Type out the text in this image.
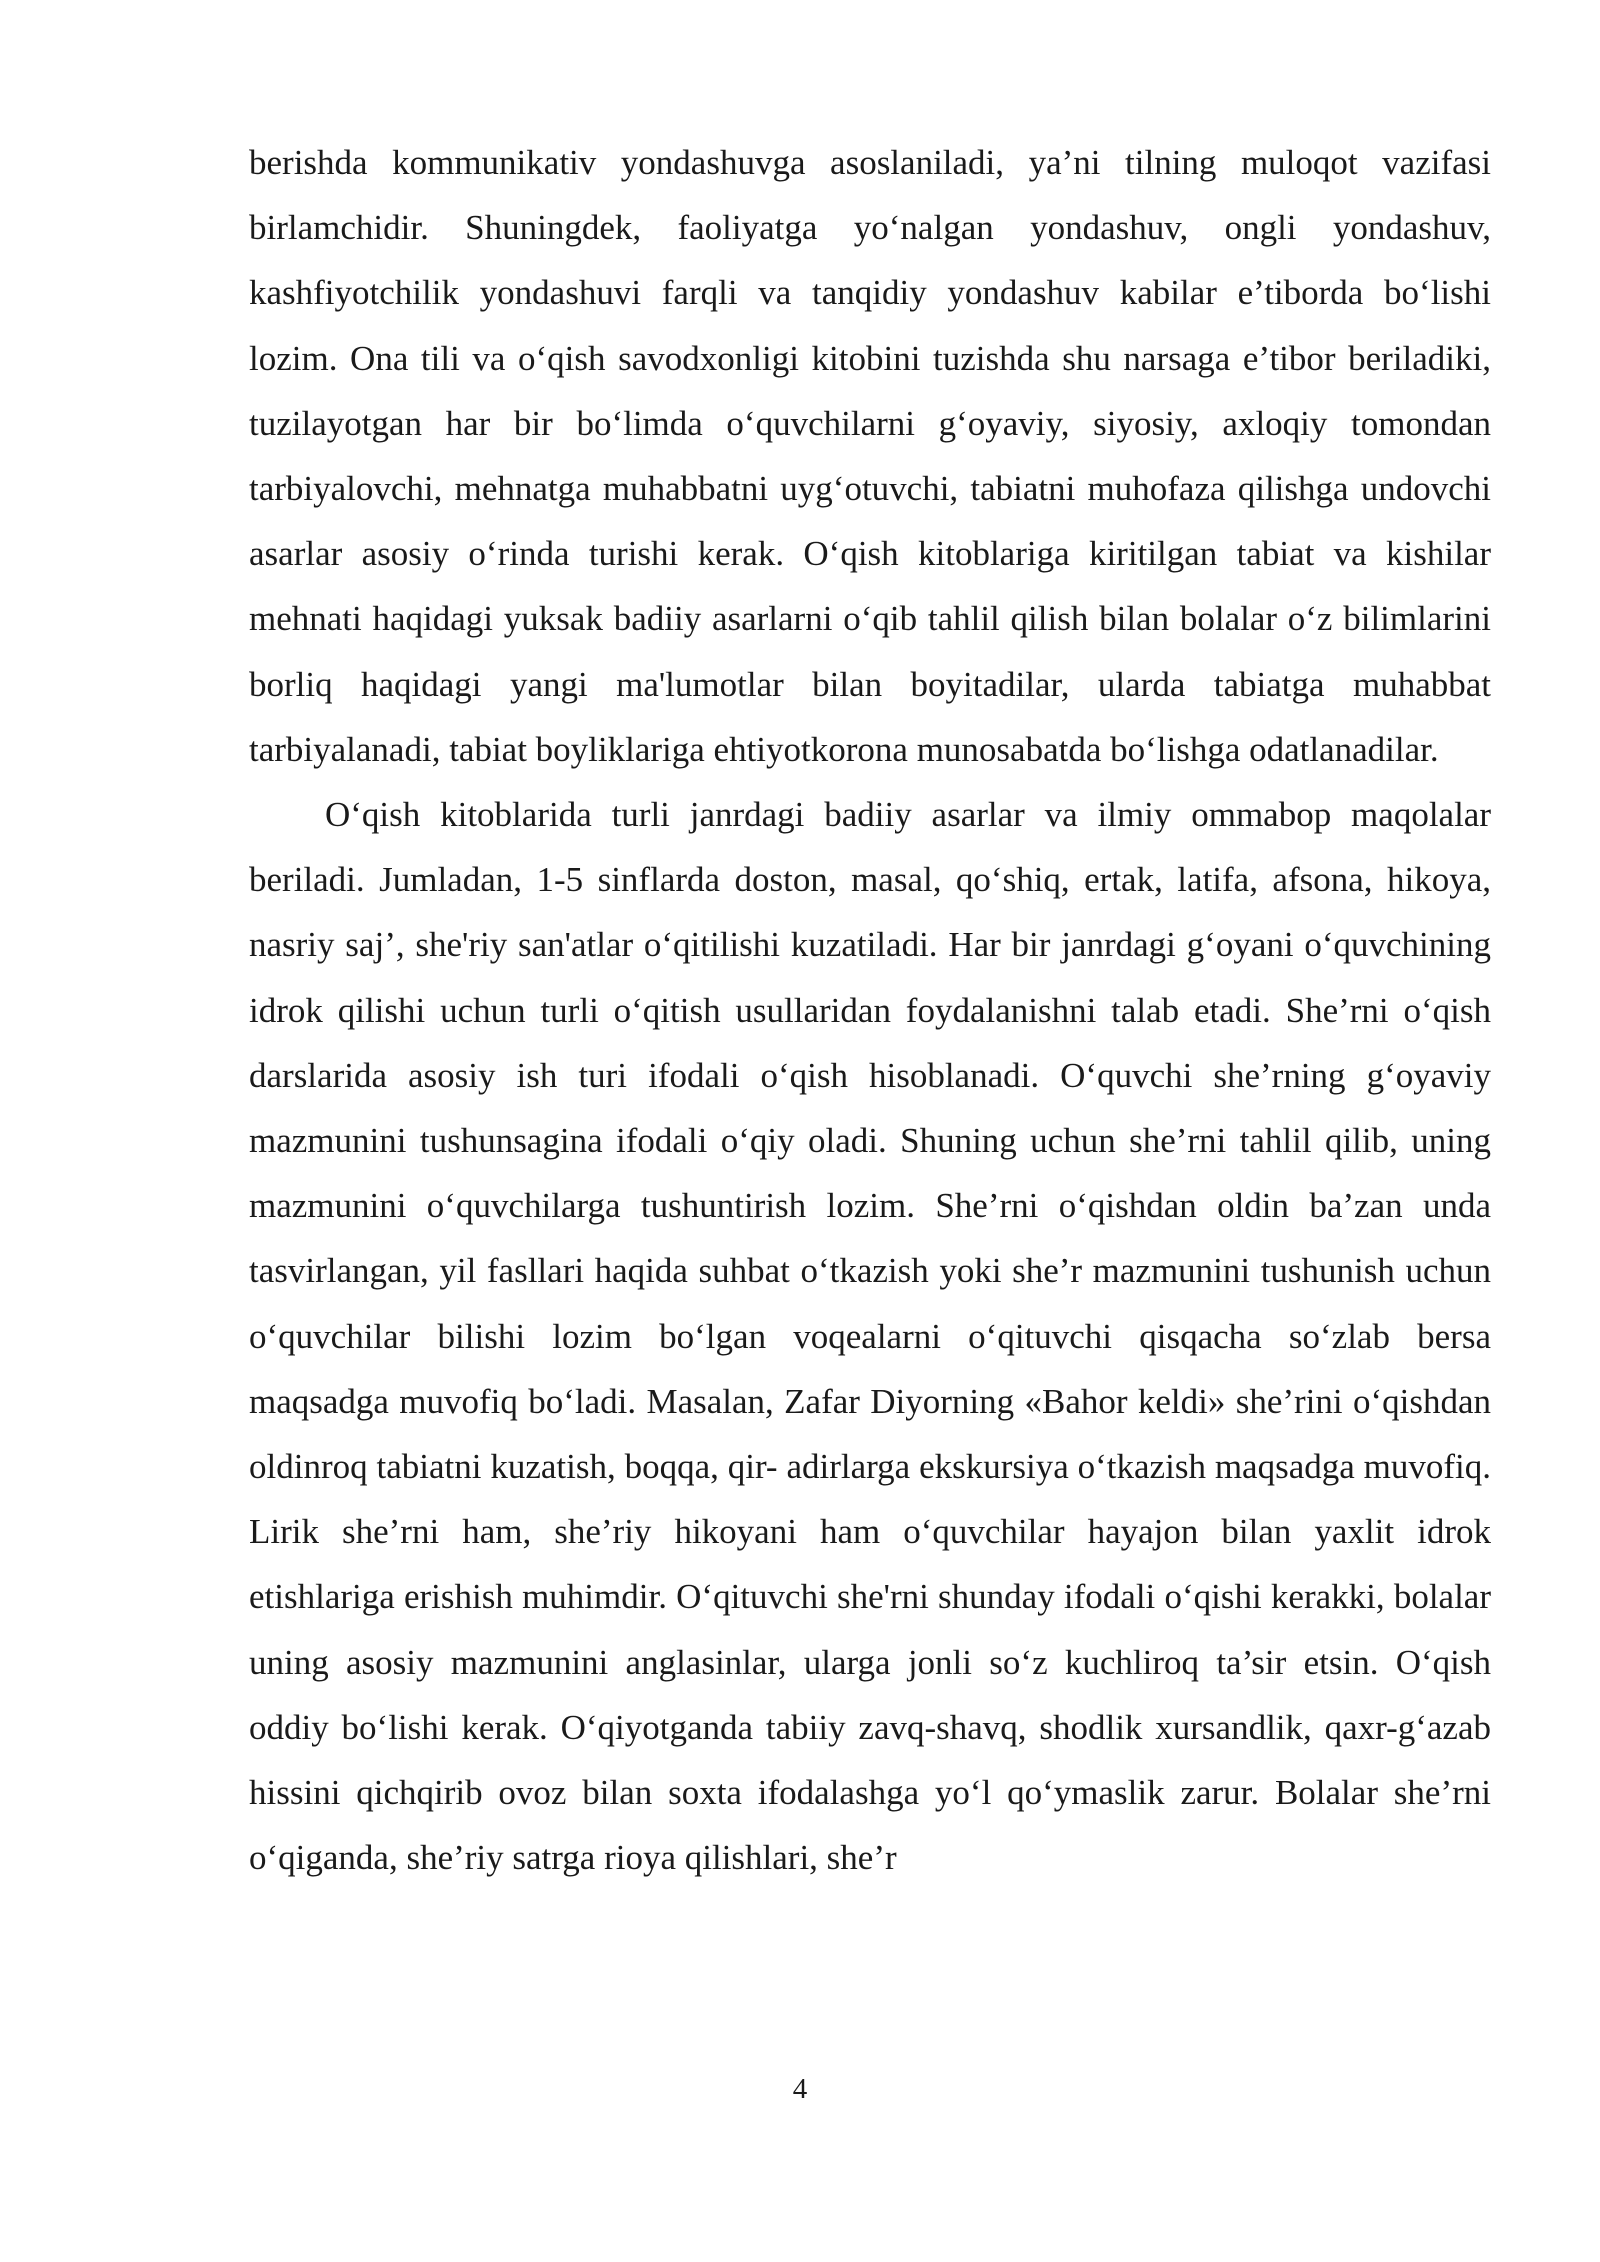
berishda kommunikativ yondashuvga asoslaniladi, ya’ni tilning muloqot vazifasi birlamchidir. Shuningdek, faoliyatga yo‘nalgan yondashuv, ongli yondashuv, kashfiyotchilik yondashuvi farqli va tanqidiy yondashuv kabilar e’tiborda bo‘lishi lozim. Ona tili va o‘qish savodxonligi kitobini tuzishda shu narsaga e’tibor beriladiki, tuzilayotgan har bir bo‘limda o‘quvchilarni g‘oyaviy, siyosiy, axloqiy tomondan tarbiyalovchi, mehnatga muhabbatni uyg‘otuvchi, tabiatni muhofaza qilishga undovchi asarlar asosiy o‘rinda turishi kerak. O‘qish kitoblariga kiritilgan tabiat va kishilar mehnati haqidagi yuksak badiiy asarlarni o‘qib tahlil qilish bilan bolalar o‘z bilimlarini borliq haqidagi yangi ma'lumotlar bilan boyitadilar, ularda tabiatga muhabbat tarbiyalanadi, tabiat boyliklariga ehtiyotkorona munosabatda bo‘lishga odatlanadilar.

O‘qish kitoblarida turli janrdagi badiiy asarlar va ilmiy ommabop maqolalar beriladi. Jumladan, 1-5 sinflarda doston, masal, qo‘shiq, ertak, latifa, afsona, hikoya, nasriy saj’, she'riy san'atlar o‘qitilishi kuzatiladi. Har bir janrdagi g‘oyani o‘quvchining idrok qilishi uchun turli o‘qitish usullaridan foydalanishni talab etadi. She’rni o‘qish darslarida asosiy ish turi ifodali o‘qish hisoblanadi. O‘quvchi she’rning g‘oyaviy mazmunini tushunsagina ifodali o‘qiy oladi. Shuning uchun she’rni tahlil qilib, uning mazmunini o‘quvchilarga tushuntirish lozim. She’rni o‘qishdan oldin ba’zan unda tasvirlangan, yil fasllari haqida suhbat o‘tkazish yoki she’r mazmunini tushunish uchun o‘quvchilar bilishi lozim bo‘lgan voqealarni o‘qituvchi qisqacha so‘zlab bersa maqsadga muvofiq bo‘ladi. Masalan, Zafar Diyorning «Bahor keldi» she’rini o‘qishdan oldinroq tabiatni kuzatish, boqqa, qir- adirlarga ekskursiya o‘tkazish maqsadga muvofiq. Lirik she’rni ham, she’riy hikoyani ham o‘quvchilar hayajon bilan yaxlit idrok etishlariga erishish muhimdir. O‘qituvchi she'rni shunday ifodali o‘qishi kerakki, bolalar uning asosiy mazmunini anglasinlar, ularga jonli so‘z kuchliroq ta’sir etsin. O‘qish oddiy bo‘lishi kerak. O‘qiyotganda tabiiy zavq-shavq, shodlik xursandlik, qaxr-g‘azab hissini qichqirib ovoz bilan soxta ifodalashga yo‘l qo‘ymaslik zarur. Bolalar she’rni o‘qiganda, she’riy satrga rioya qilishlari, she’r

4
